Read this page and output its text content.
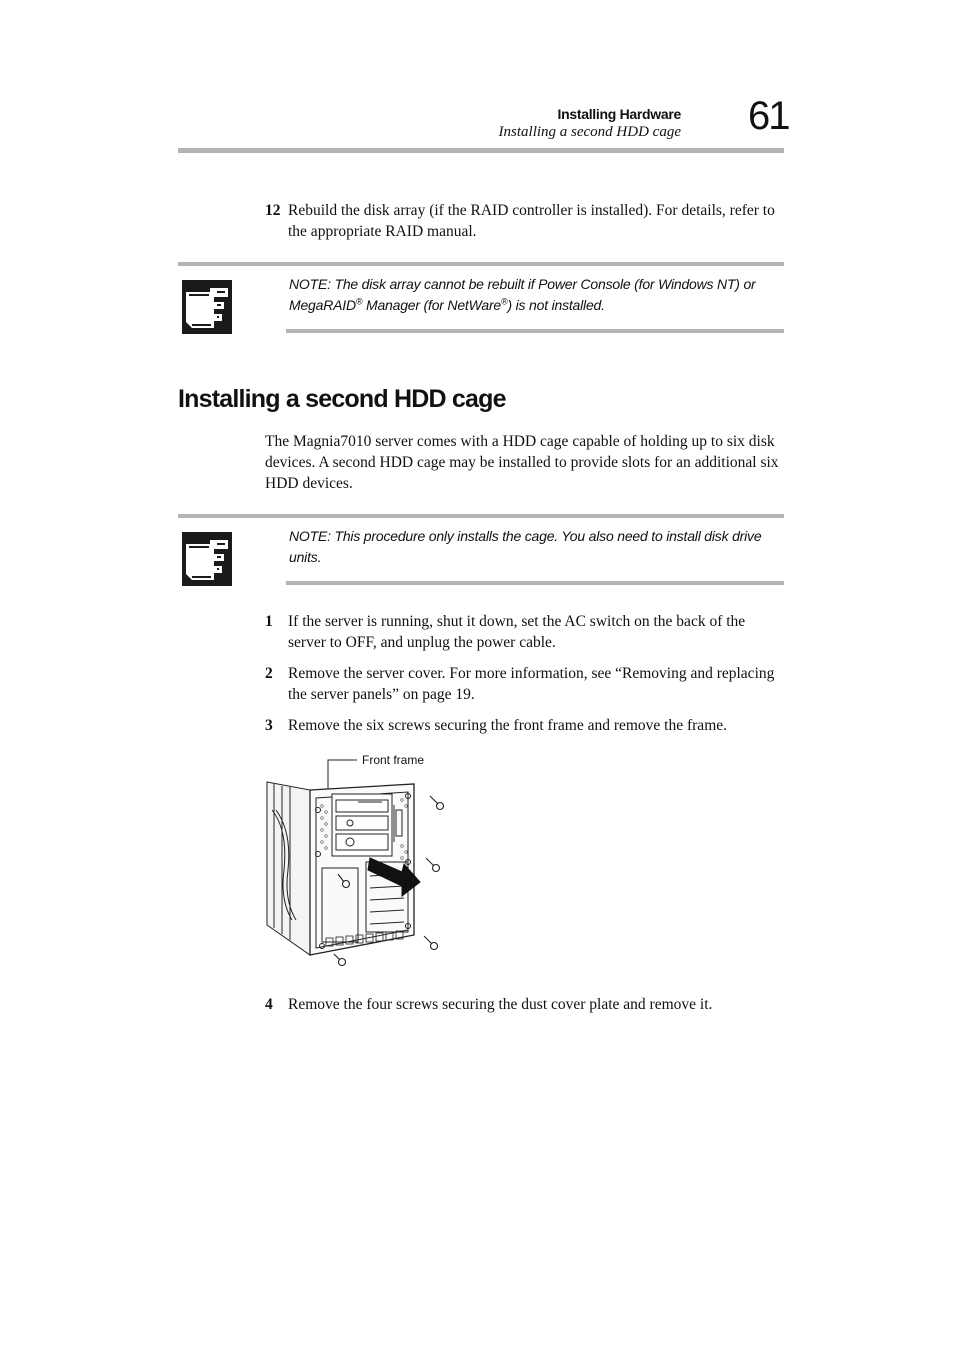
Installing Hardware
Installing a second HDD cage 61
12 Rebuild the disk array (if the RAID controller is installed). For details, refer to the appropriate RAID manual.
NOTE: The disk array cannot be rebuilt if Power Console (for Windows NT) or MegaRAID® Manager (for NetWare®) is not installed.
Installing a second HDD cage
The Magnia7010 server comes with a HDD cage capable of holding up to six disk devices. A second HDD cage may be installed to provide slots for an additional six HDD devices.
NOTE: This procedure only installs the cage. You also need to install disk drive units.
1 If the server is running, shut it down, set the AC switch on the back of the server to OFF, and unplug the power cable.
2 Remove the server cover. For more information, see “Removing and replacing the server panels” on page 19.
3 Remove the six screws securing the front frame and remove the frame.
Front frame
4 Remove the four screws securing the dust cover plate and remove it.
